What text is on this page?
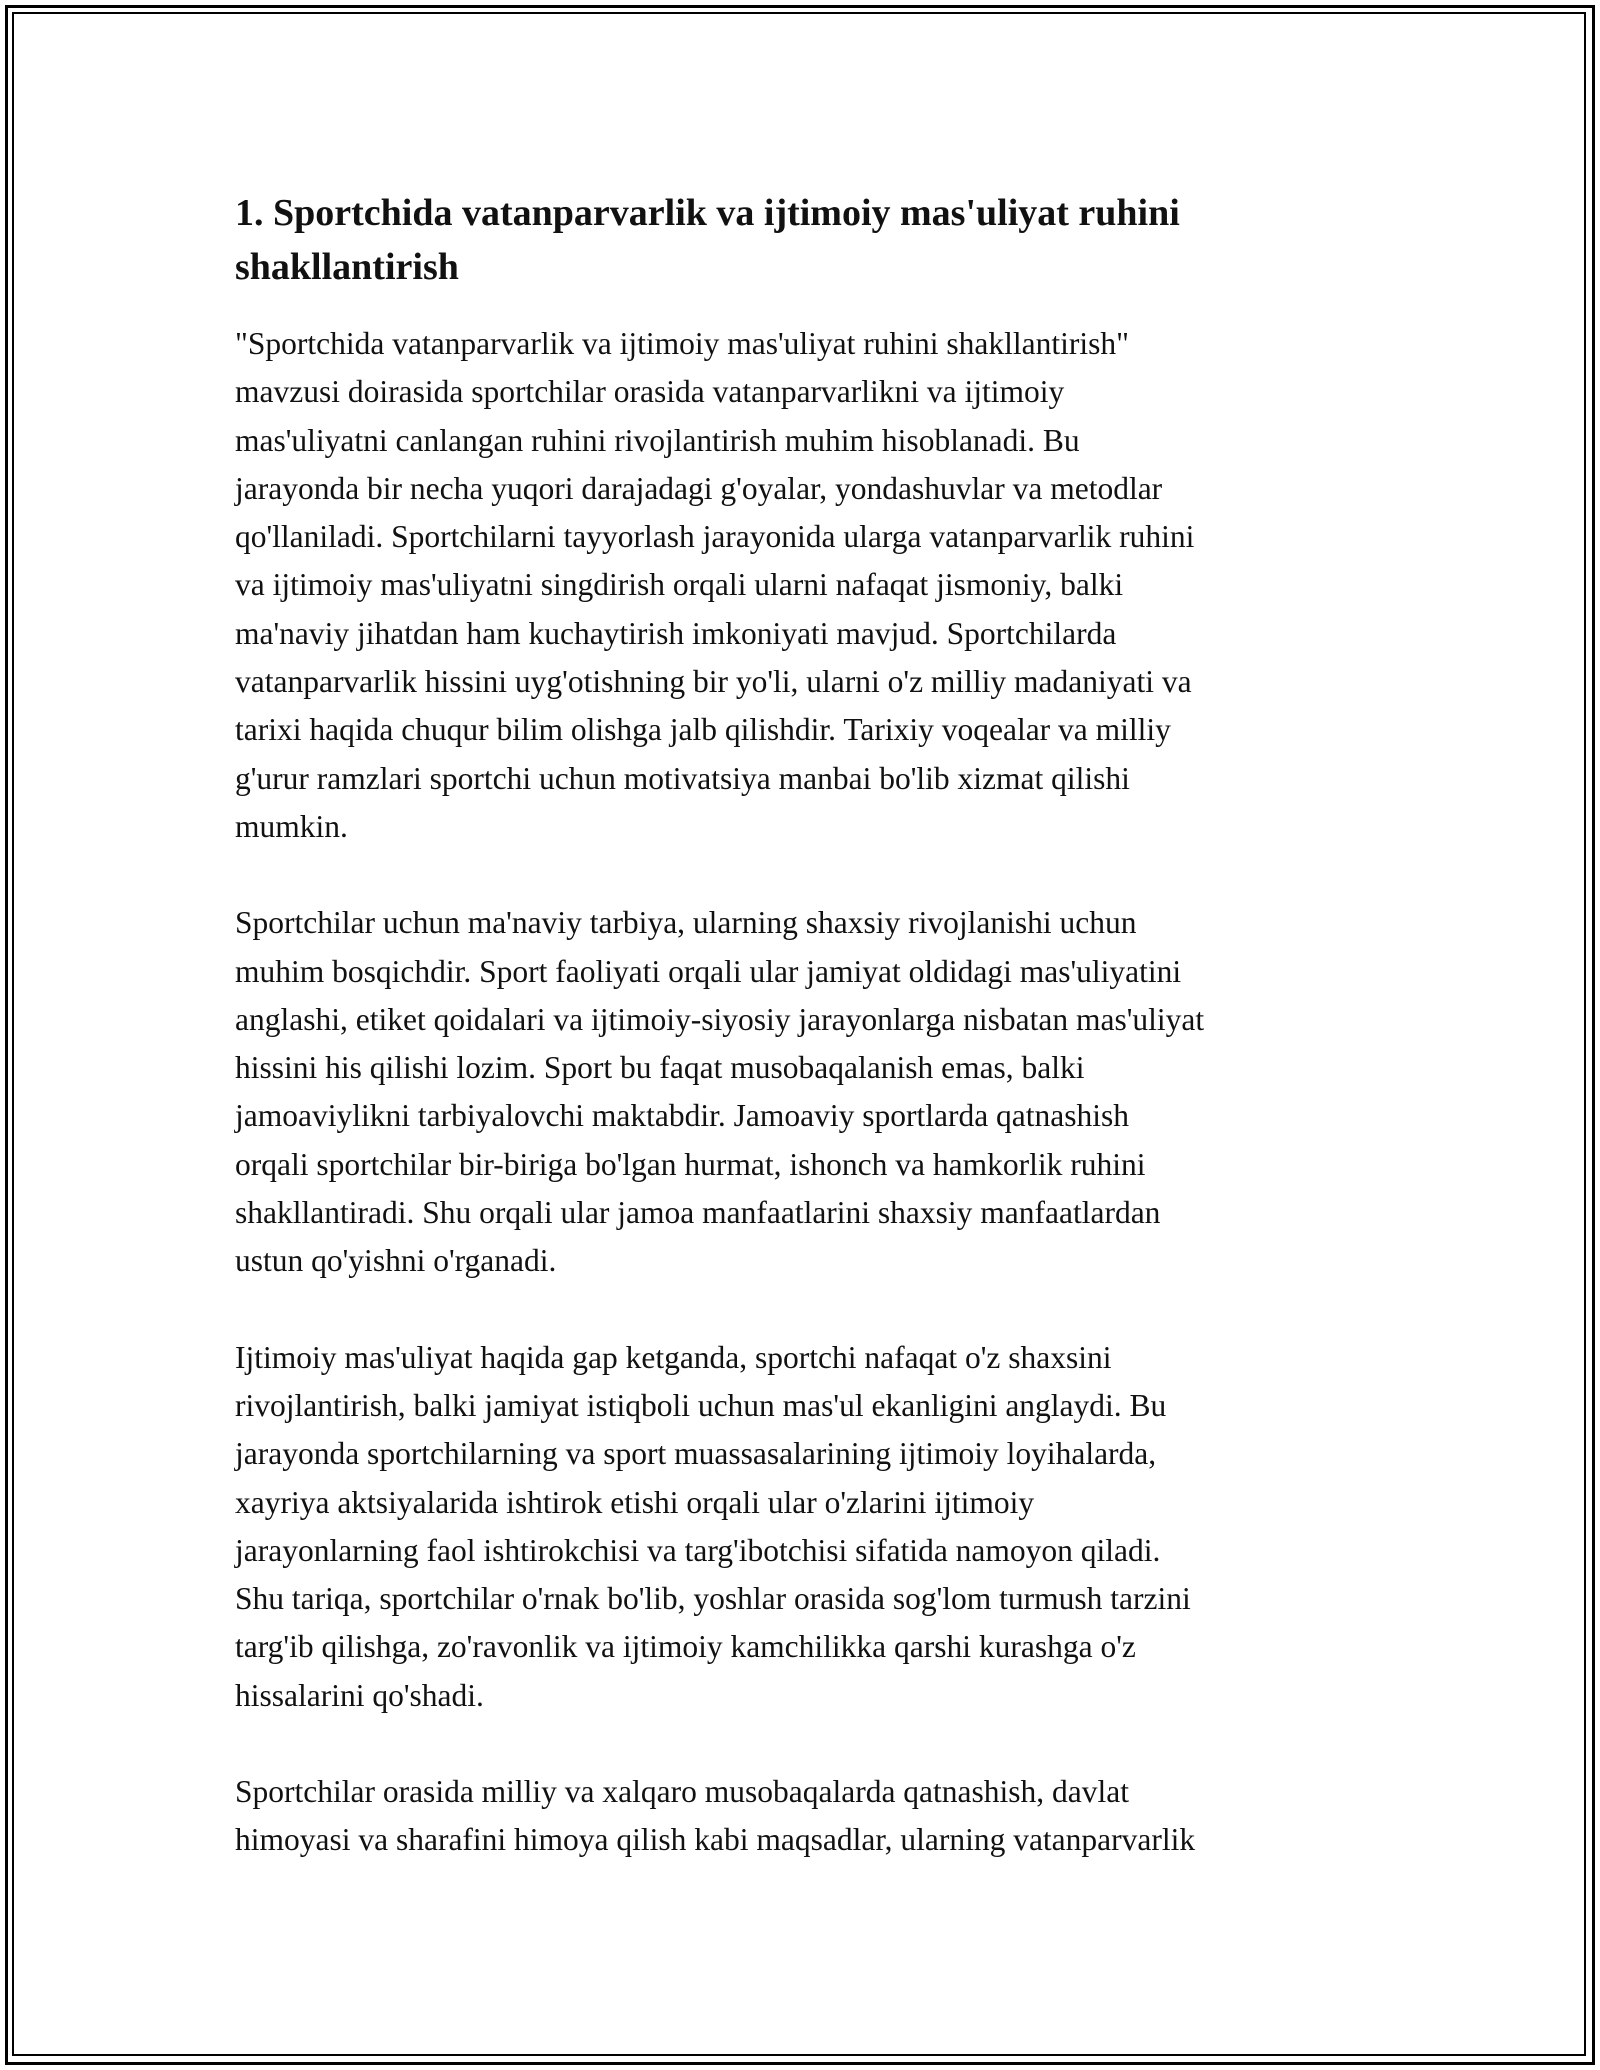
1. Sportchida vatanparvarlik va ijtimoiy mas'uliyat ruhini
shakllantirish

"Sportchida vatanparvarlik va ijtimoiy mas'uliyat ruhini shakllantirish"
mavzusi doirasida sportchilar orasida vatanparvarlikni va ijtimoiy
mas'uliyatni canlangan ruhini rivojlantirish muhim hisoblanadi. Bu
jarayonda bir necha yuqori darajadagi g'oyalar, yondashuvlar va metodlar
qo'llaniladi. Sportchilarni tayyorlash jarayonida ularga vatanparvarlik ruhini
va ijtimoiy mas'uliyatni singdirish orqali ularni nafaqat jismoniy, balki
ma'naviy jihatdan ham kuchaytirish imkoniyati mavjud. Sportchilarda
vatanparvarlik hissini uyg'otishning bir yo'li, ularni o'z milliy madaniyati va
tarixi haqida chuqur bilim olishga jalb qilishdir. Tarixiy voqealar va milliy
g'urur ramzlari sportchi uchun motivatsiya manbai bo'lib xizmat qilishi
mumkin.

Sportchilar uchun ma'naviy tarbiya, ularning shaxsiy rivojlanishi uchun
muhim bosqichdir. Sport faoliyati orqali ular jamiyat oldidagi mas'uliyatini
anglashi, etiket qoidalari va ijtimoiy-siyosiy jarayonlarga nisbatan mas'uliyat
hissini his qilishi lozim. Sport bu faqat musobaqalanish emas, balki
jamoaviylikni tarbiyalovchi maktabdir. Jamoaviy sportlarda qatnashish
orqali sportchilar bir-biriga bo'lgan hurmat, ishonch va hamkorlik ruhini
shakllantiradi. Shu orqali ular jamoa manfaatlarini shaxsiy manfaatlardan
ustun qo'yishni o'rganadi.

Ijtimoiy mas'uliyat haqida gap ketganda, sportchi nafaqat o'z shaxsini
rivojlantirish, balki jamiyat istiqboli uchun mas'ul ekanligini anglaydi. Bu
jarayonda sportchilarning va sport muassasalarining ijtimoiy loyihalarda,
xayriya aktsiyalarida ishtirok etishi orqali ular o'zlarini ijtimoiy
jarayonlarning faol ishtirokchisi va targ'ibotchisi sifatida namoyon qiladi.
Shu tariqa, sportchilar o'rnak bo'lib, yoshlar orasida sog'lom turmush tarzini
targ'ib qilishga, zo'ravonlik va ijtimoiy kamchilikka qarshi kurashga o'z
hissalarini qo'shadi.

Sportchilar orasida milliy va xalqaro musobaqalarda qatnashish, davlat
himoyasi va sharafini himoya qilish kabi maqsadlar, ularning vatanparvarlik
